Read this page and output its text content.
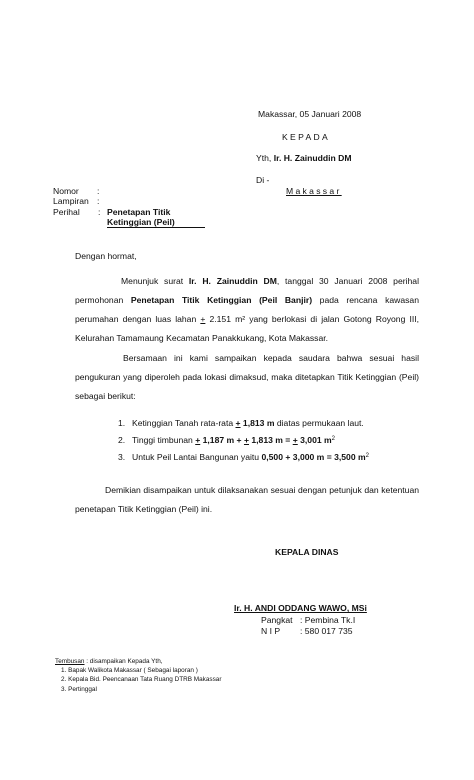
Makassar, 05 Januari 2008
KEPADA
Yth, Ir. H. Zainuddin DM
Di -
Makassar
Nomor :
Lampiran :
Perihal : Penetapan Titik
Ketinggian (Peil)
Dengan hormat,
Menunjuk surat Ir. H. Zainuddin DM, tanggal 30 Januari 2008 perihal permohonan Penetapan Titik Ketinggian (Peil Banjir) pada rencana kawasan perumahan dengan luas lahan + 2.151 m² yang berlokasi di jalan Gotong Royong III, Kelurahan Tamamaung Kecamatan Panakkukang, Kota Makassar.
Bersamaan ini kami sampaikan kepada saudara bahwa sesuai hasil pengukuran yang diperoleh pada lokasi dimaksud, maka ditetapkan Titik Ketinggian (Peil) sebagai berikut:
1. Ketinggian Tanah rata-rata + 1,813 m diatas permukaan laut.
2. Tinggi timbunan + 1,187 m + + 1,813 m = + 3,001 $m^2$
3. Untuk Peil Lantai Bangunan yaitu 0,500 + 3,000 m = 3,500 $m^2$
Demikian disampaikan untuk dilaksanakan sesuai dengan petunjuk dan ketentuan penetapan Titik Ketinggian (Peil) ini.
KEPALA DINAS
Ir. H. ANDI ODDANG WAWO, MSi
Pangkat : Pembina Tk.I
N I P : 580 017 735
Tembusan : disampaikan Kepada Yth,
1. Bapak Walikota Makassar ( Sebagai laporan )
2. Kepala Bid. Peencanaan Tata Ruang DTRB Makassar
3. Pertinggal
